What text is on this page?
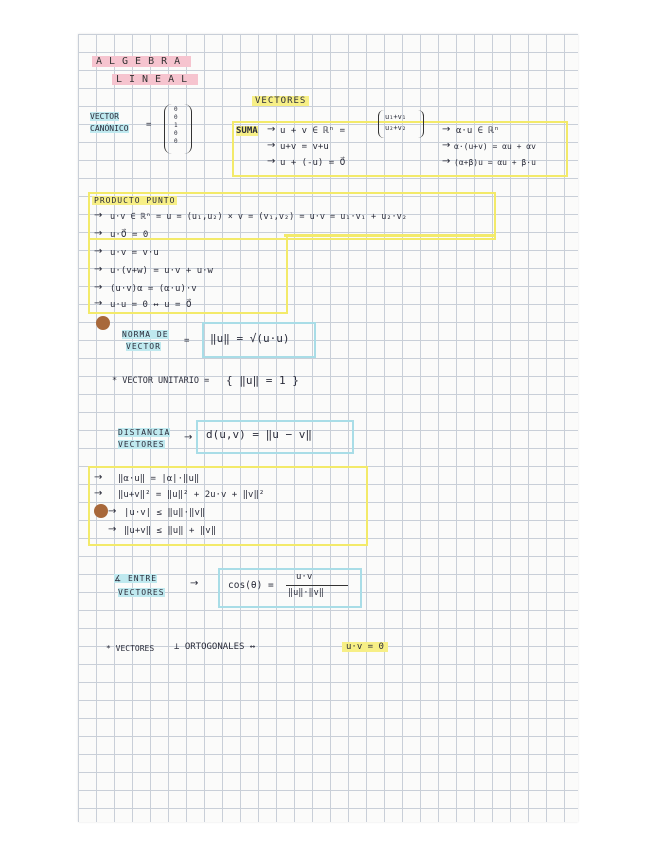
ALGEBRA
LINEAL
VECTOR
CANÓNICO =
0
0
1
0
0
VECTORES
SUMA → u + v ∈ ℝⁿ =
u₁+v₁
u₂+v₂
→ u+v = v+u
→ u + (-u) = 0⃗
→ α·u ∈ ℝⁿ
→ α·(u+v) = αu + αv
→ (α+β)u = αu + β·u
PRODUCTO PUNTO
→ u·v ∈ ℝⁿ = u = (u₁,u₂) × v = (v₁,v₂) = u·v = u₁·v₁ + u₂·v₂
→ u·0⃗ = 0
→ u·v = v·u
→ u·(v+w) = u·v + u·w
→ (u·v)α = (α·u)·v
→ u·u = 0 ↔ u = 0⃗
NORMA DE
VECTOR
= ‖u‖ = √(u·u)
* VECTOR UNITARIO = { ‖u‖ = 1 }
DISTANCIA
VECTORES
→ d(u,v) = ‖u − v‖
→ ‖α·u‖ = |α|·‖u‖
→ ‖u+v‖² = ‖u‖² + 2u·v + ‖v‖²
→ |u·v| ≤ ‖u‖·‖v‖
→ ‖u+v‖ ≤ ‖u‖ + ‖v‖
∡ ENTRE
VECTORES
→	cos(θ) =
u·v
‖u‖·‖v‖
* VECTORES ⊥ ORTOGONALES ↔	u·v = 0
